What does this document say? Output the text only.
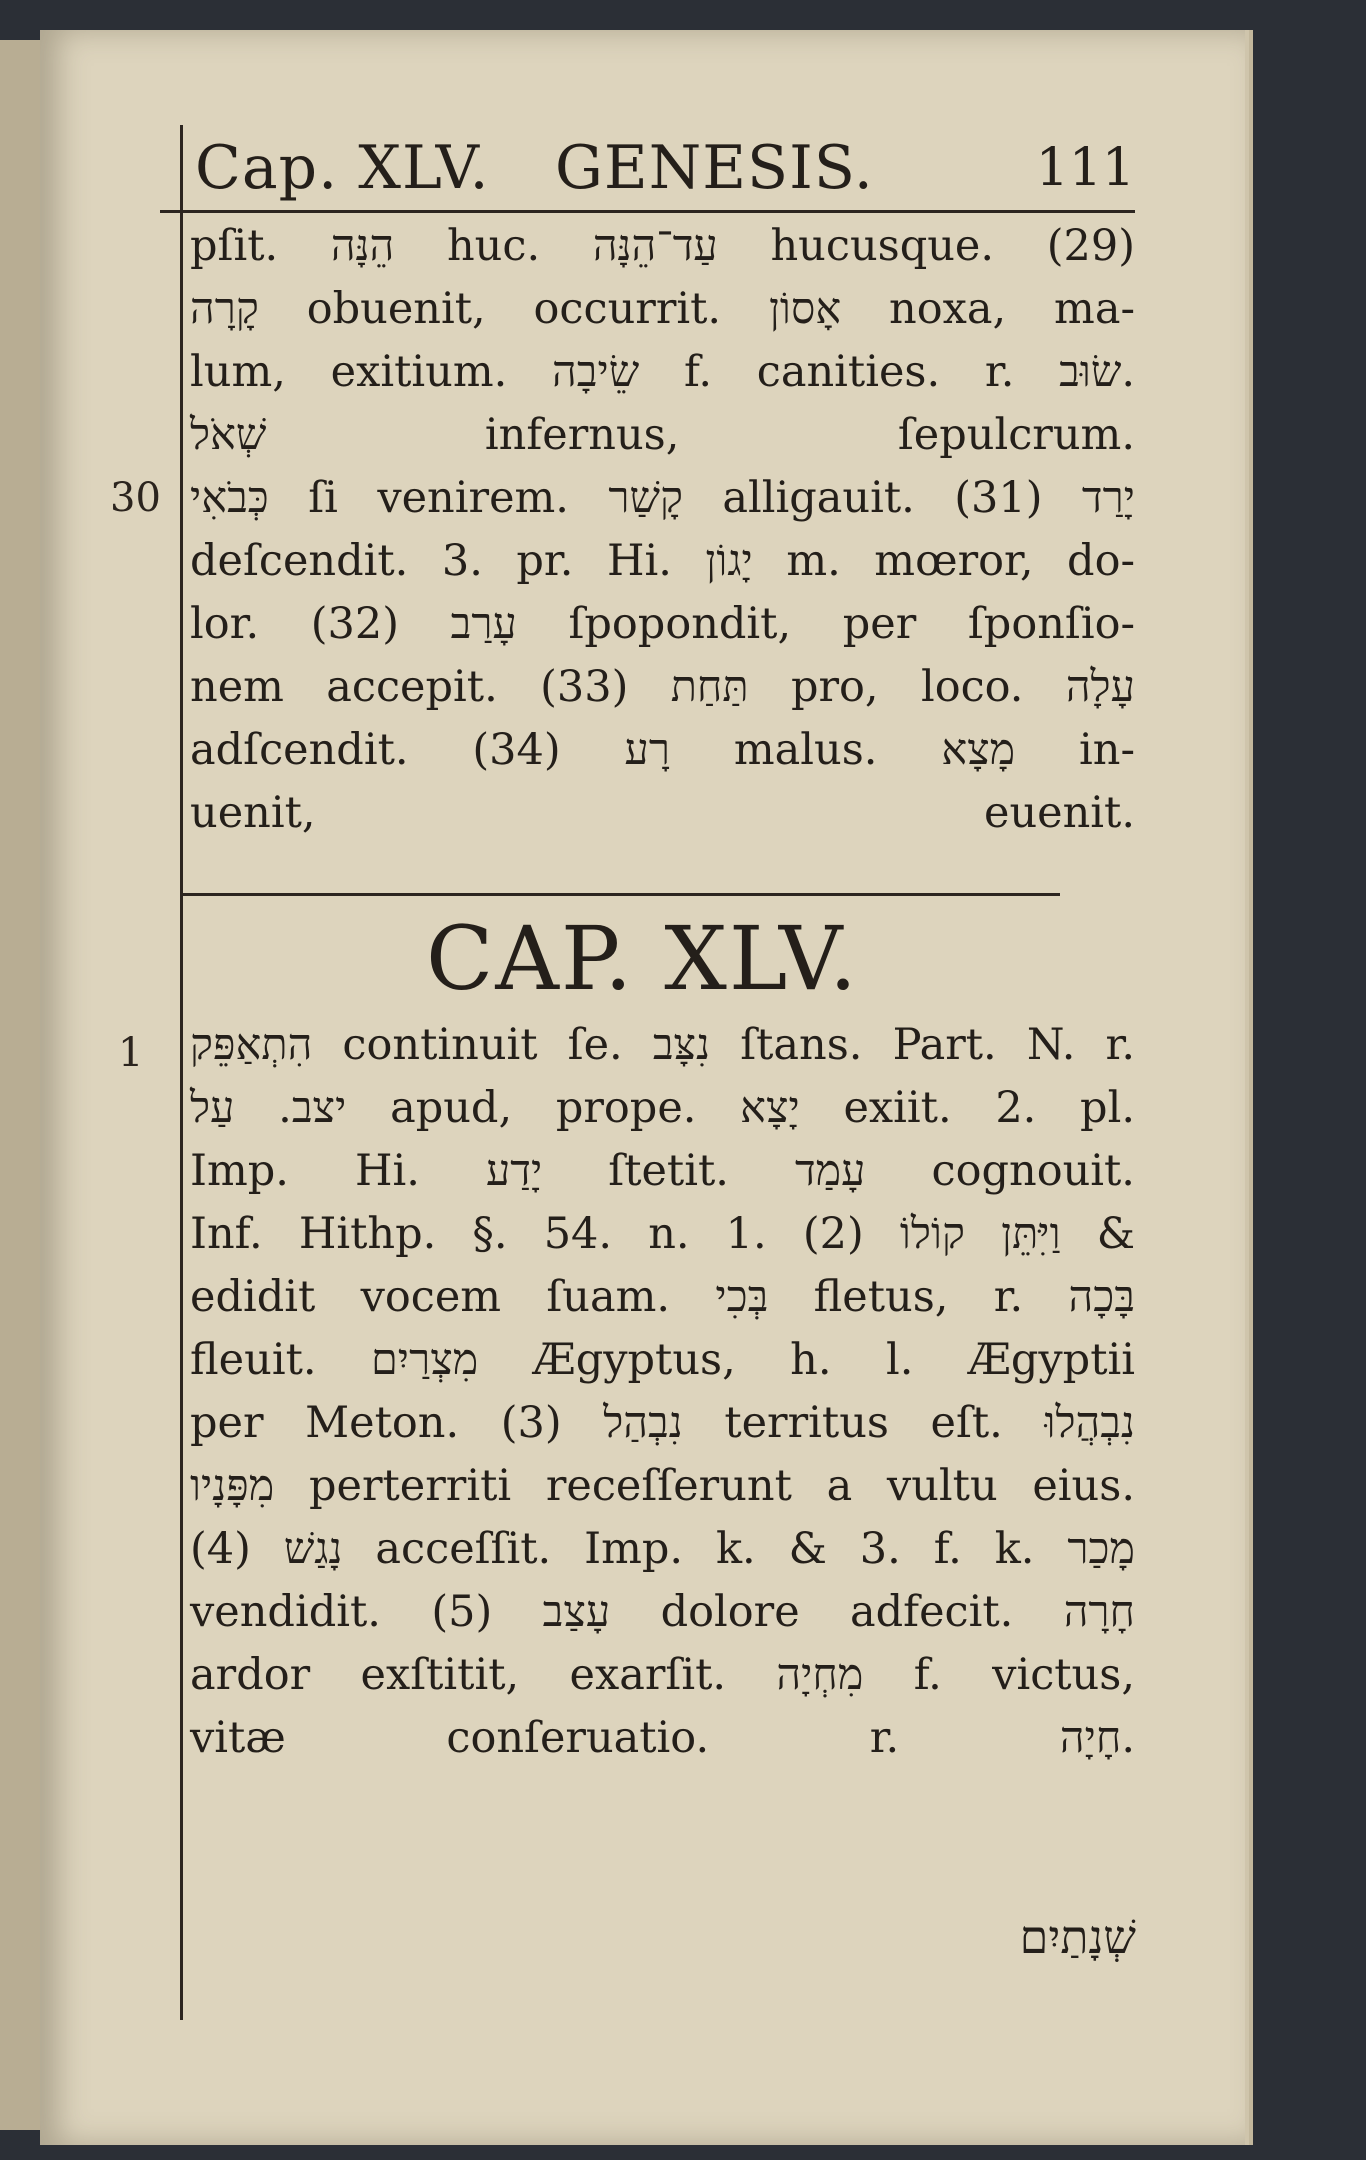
Cap. XLV. GENESIS.	111
pſit. הֵנָּה huc. עַד־הֵנָּה hucusque. (29)
קָרָה obuenit, occurrit. אָסוֹן noxa, ma-
lum, exitium. שֵׂיבָה f. canities. r. שׂוּב.
שְׁאֹל infernus, ſepulcrum.
30 כְּבֹאִי ſi venirem. קָשַׁר alligauit. (31) יָרַד
deſcendit. 3. pr. Hi. יָגוֹן m. mœror, do-
lor. (32) עָרַב ſpopondit, per ſponſio-
nem accepit. (33) תַּחַת pro, loco. עָלָה
adſcendit. (34) רָע malus. מָצָא in-
uenit, euenit.
CAP. XLV.
1 הִתְאַפֵּק continuit ſe. נִצָּב ſtans. Part. N. r.
יצב. עַל apud, prope. יָצָא exiit. 2. pl.
Imp. Hi. יָדַע ſtetit. עָמַד cognouit.
Inf. Hithp. §. 54. n. 1. (2) וַיִּתֵּן קוֹלוֹ &
edidit vocem ſuam. בְּכִי fletus, r. בָּכָה
fleuit. מִצְרַיִם Ægyptus, h. l. Ægyptii
per Meton. (3) נִבְהַל territus eſt. נִבְהֲלוּ
מִפָּנָיו perterriti receſſerunt a vultu eius.
(4) נָגַשׁ acceſſit. Imp. k. & 3. f. k. מָכַר
vendidit. (5) עָצַב dolore adfecit. חָרָה
ardor exſtitit, exarſit. מִחְיָה f. victus,
vitæ conſeruatio. r. חָיָה.
שְׁנָתַיִם
